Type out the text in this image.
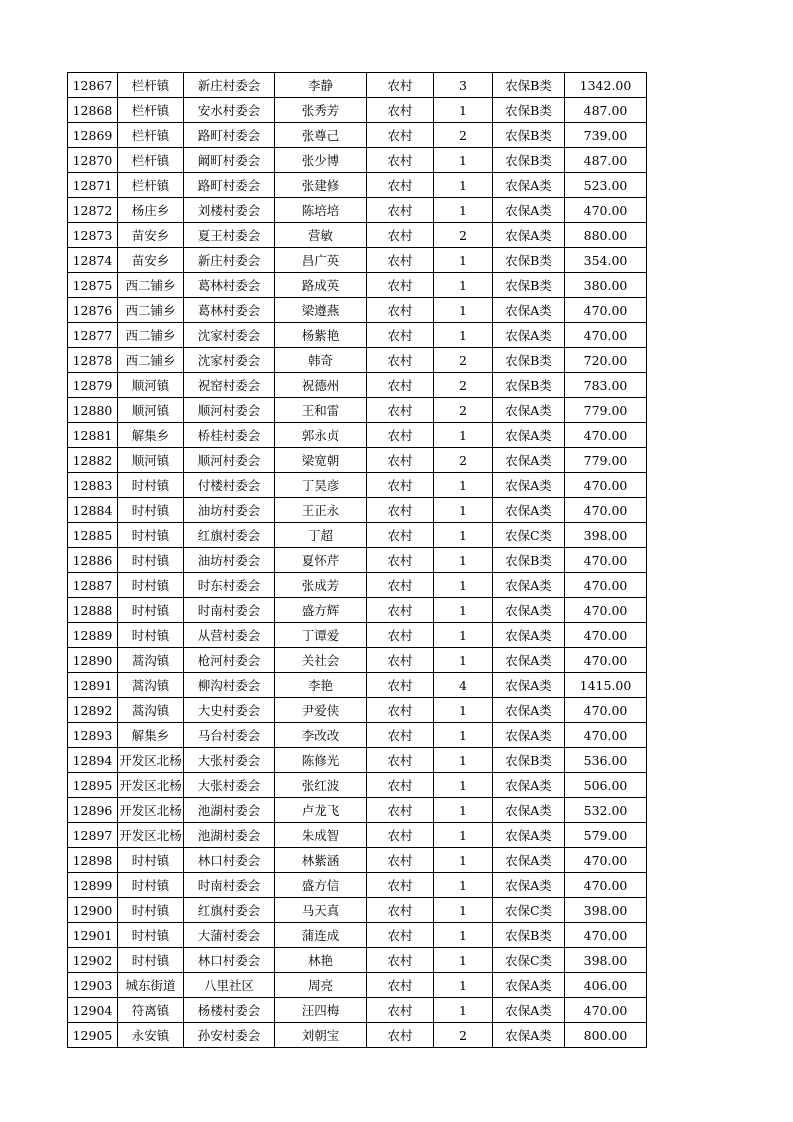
12867	栏杆镇	新庄村委会	李静	农村	3	农保B类	1342.00
12868	栏杆镇	安水村委会	张秀芳	农村	1	农保B类	487.00
12869	栏杆镇	路町村委会	张尊己	农村	2	农保B类	739.00
12870	栏杆镇	阚町村委会	张少博	农村	1	农保B类	487.00
12871	栏杆镇	路町村委会	张建修	农村	1	农保A类	523.00
12872	杨庄乡	刘楼村委会	陈培培	农村	1	农保A类	470.00
12873	苗安乡	夏王村委会	营敏	农村	2	农保A类	880.00
12874	苗安乡	新庄村委会	昌广英	农村	1	农保B类	354.00
12875	西二铺乡	葛林村委会	路成英	农村	1	农保B类	380.00
12876	西二铺乡	葛林村委会	梁遵燕	农村	1	农保A类	470.00
12877	西二铺乡	沈家村委会	杨紫艳	农村	1	农保A类	470.00
12878	西二铺乡	沈家村委会	韩奇	农村	2	农保B类	720.00
12879	顺河镇	祝窑村委会	祝德州	农村	2	农保B类	783.00
12880	顺河镇	顺河村委会	王和雷	农村	2	农保A类	779.00
12881	解集乡	桥桂村委会	郭永贞	农村	1	农保A类	470.00
12882	顺河镇	顺河村委会	梁宽朝	农村	2	农保A类	779.00
12883	时村镇	付楼村委会	丁昊彦	农村	1	农保A类	470.00
12884	时村镇	油坊村委会	王正永	农村	1	农保A类	470.00
12885	时村镇	红旗村委会	丁超	农村	1	农保C类	398.00
12886	时村镇	油坊村委会	夏怀芹	农村	1	农保B类	470.00
12887	时村镇	时东村委会	张成芳	农村	1	农保A类	470.00
12888	时村镇	时南村委会	盛方辉	农村	1	农保A类	470.00
12889	时村镇	从营村委会	丁谭爱	农村	1	农保A类	470.00
12890	蒿沟镇	枪河村委会	关社会	农村	1	农保A类	470.00
12891	蒿沟镇	柳沟村委会	李艳	农村	4	农保A类	1415.00
12892	蒿沟镇	大史村委会	尹爱侠	农村	1	农保A类	470.00
12893	解集乡	马台村委会	李改改	农村	1	农保A类	470.00
12894	开发区北杨	大张村委会	陈修光	农村	1	农保B类	536.00
12895	开发区北杨	大张村委会	张红波	农村	1	农保A类	506.00
12896	开发区北杨	池湖村委会	卢龙飞	农村	1	农保A类	532.00
12897	开发区北杨	池湖村委会	朱成智	农村	1	农保A类	579.00
12898	时村镇	林口村委会	林紫涵	农村	1	农保A类	470.00
12899	时村镇	时南村委会	盛方信	农村	1	农保A类	470.00
12900	时村镇	红旗村委会	马天真	农村	1	农保C类	398.00
12901	时村镇	大蒲村委会	蒲连成	农村	1	农保B类	470.00
12902	时村镇	林口村委会	林艳	农村	1	农保C类	398.00
12903	城东街道	八里社区	周亮	农村	1	农保A类	406.00
12904	符离镇	杨楼村委会	汪四梅	农村	1	农保A类	470.00
12905	永安镇	孙安村委会	刘朝宝	农村	2	农保A类	800.00
